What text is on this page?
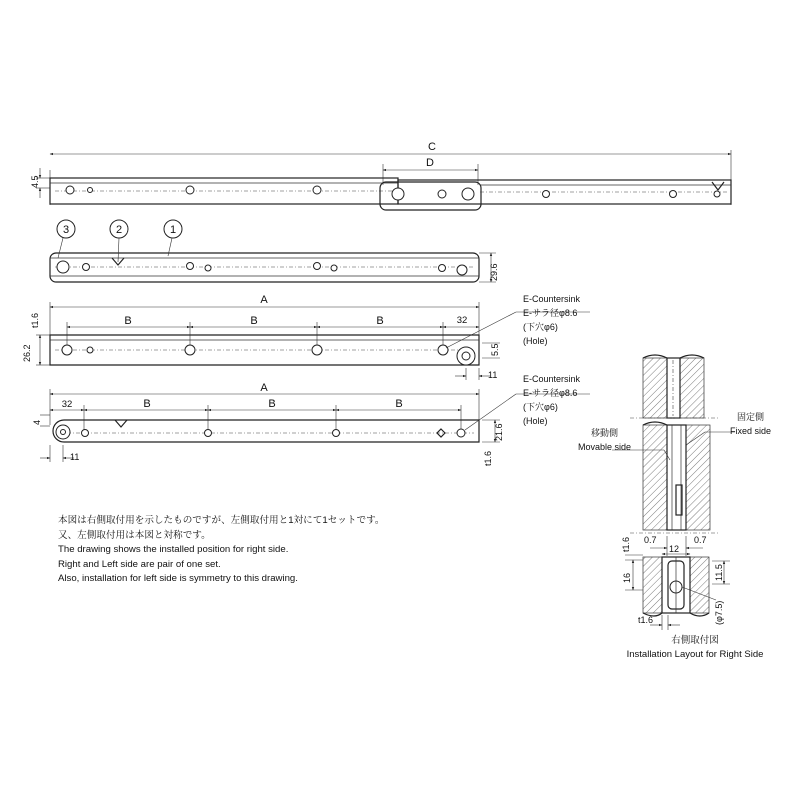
C
D
4.5
29.6
3	2	1
A
B	B	B	32
t1.6
26.2	5.5
11
A
32	B	B	B
4
11
21.6
t1.6
0.7
12
0.7
t1.6
16	11.5
(φ7.5)
t1.6
E-Countersink
E-サラ径φ8.6
(下穴φ6)
(Hole)
E-Countersink
E-サラ径φ8.6
(下穴φ6)
(Hole)
移動側
Movable side
固定側
Fixed side
右側取付図
Installation Layout for Right Side
本図は右側取付用を示したものですが、左側取付用と1対にて1セットです。
又、左側取付用は本図と対称です。
The drawing shows the installed position for right side.
Right and Left side are pair of one set.
Also, installation for left side is symmetry to this drawing.
